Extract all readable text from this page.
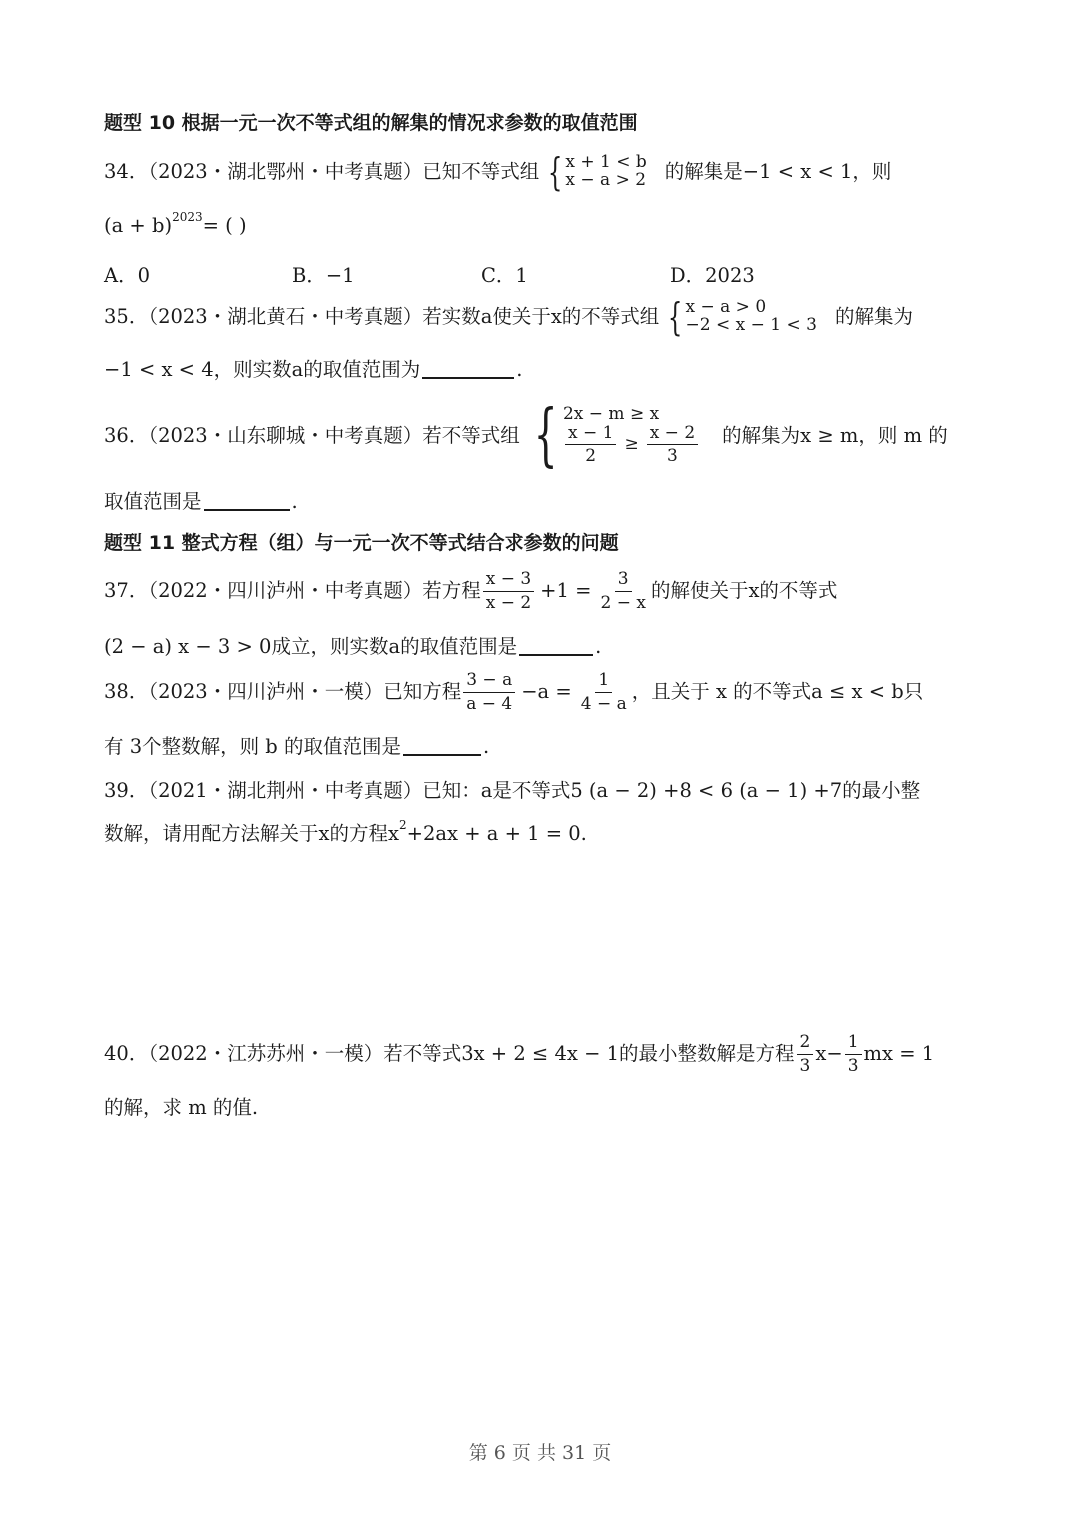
题型 10 根据一元一次不等式组的解集的情况求参数的取值范围
34．（2023・湖北鄂州・中考真题）已知不等式组 { x + 1 < b
x − a > 2 的解集是−1 < x < 1，则
(a + b) 2023 = ( )
A．0	B．−1	C．1	D．2023
35．（2023・湖北黄石・中考真题）若实数a使关于x的不等式组 { x − a > 0
−2 < x − 1 < 3 的解集为
−1 < x < 4，则实数a的取值范围为	.
36．（2023・山东聊城・中考真题）若不等式组 { 2x − m ≥ x
$\frac{x - 1}{2} \ge \frac{x - 2}{3}$ 的解集为x ≥ m，则 m 的
取值范围是	.
题型 11 整式方程（组）与一元一次不等式结合求参数的问题
37．（2022・四川泸州・中考真题）若方程 $\frac{x - 3}{x - 2} +1 = \frac{3}{2 - x}$ 的解使关于x的不等式
(2 − a) x − 3 > 0成立，则实数a的取值范围是	.
38．（2023・四川泸州・一模）已知方程 $\frac{3 - a}{a - 4} -a = \frac{1}{4 - a}$ ，且关于 x 的不等式a ≤ x < b只
有 3个整数解，则 b 的取值范围是	.
39．（2021・湖北荆州・中考真题）已知：a是不等式5 (a − 2) +8 < 6 (a − 1) +7的最小整
数解，请用配方法解关于x的方程x 2 +2ax + a + 1 = 0.
40．（2022・江苏苏州・一模）若不等式3x + 2 ≤ 4x − 1的最小整数解是方程 $\frac{2}{3} x- \frac{1}{3}$ mx = 1
的解，求 m 的值.
第 6 页 共 31 页
